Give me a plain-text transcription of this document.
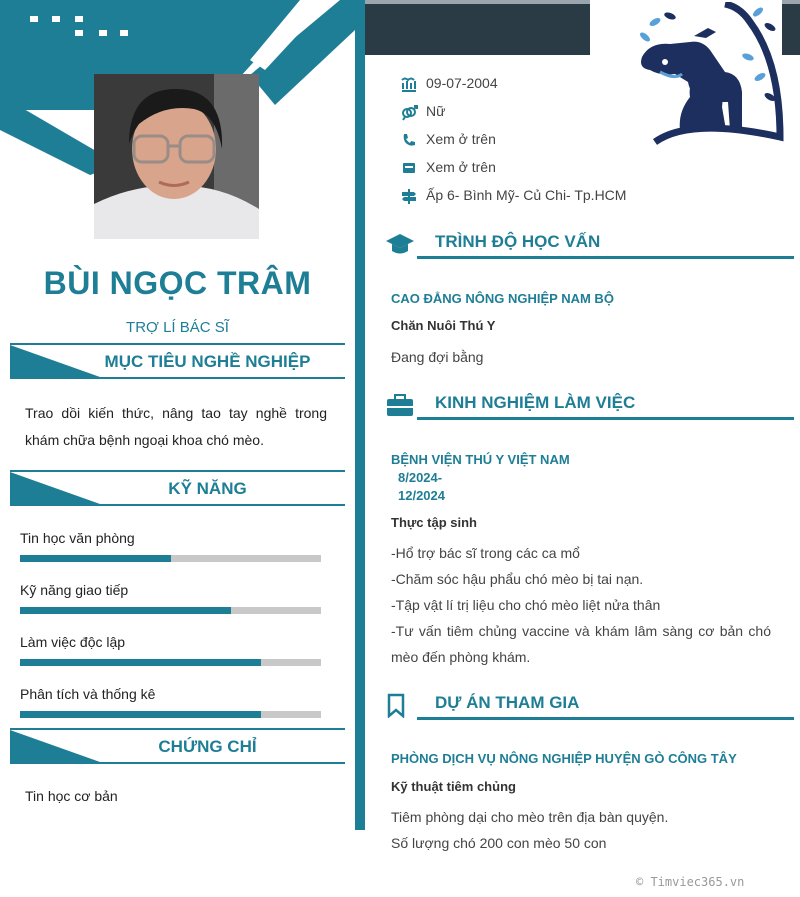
BÙI NGỌC TRÂM
TRỢ LÍ BÁC SĨ
MỤC TIÊU NGHỀ NGHIỆP
Trao dồi kiến thức, nâng tao tay nghề trong khám chữa bệnh ngoại khoa chó mèo.
KỸ NĂNG
Tin học văn phòng
Kỹ năng giao tiếp
Làm việc độc lập
Phân tích và thống kê
CHỨNG CHỈ
Tin học cơ bản
09-07-2004
Nữ
Xem ở trên
Xem ở trên
Ấp 6- Bình Mỹ- Củ Chi- Tp.HCM
TRÌNH ĐỘ HỌC VẤN
CAO ĐẲNG NÔNG NGHIỆP NAM BỘ
Chăn Nuôi Thú Y
Đang đợi bằng
KINH NGHIỆM LÀM VIỆC
BỆNH VIỆN THÚ Y VIỆT NAM
8/2024-
12/2024
Thực tập sinh
-Hổ trợ bác sĩ trong các ca mổ
-Chăm sóc hậu phẩu chó mèo bị tai nạn.
-Tập vật lí trị liệu cho chó mèo liệt nửa thân
-Tư vấn tiêm chủng vaccine và khám lâm sàng cơ bản chó mèo đến phòng khám.
DỰ ÁN THAM GIA
PHÒNG DỊCH VỤ NÔNG NGHIỆP HUYỆN GÒ CÔNG TÂY
Kỹ thuật tiêm chủng
Tiêm phòng dại cho mèo trên địa bàn quyện.
Số lượng chó 200 con mèo 50 con
© Timviec365.vn
